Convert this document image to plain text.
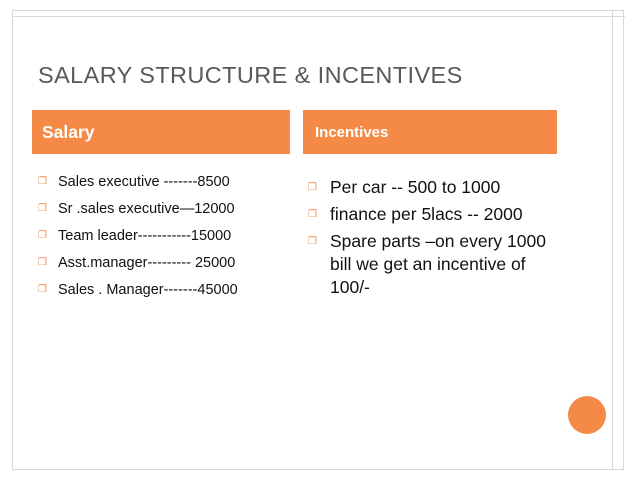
SALARY STRUCTURE & INCENTIVES
Salary	Incentives
❒ Sales executive -------8500
❒ Sr .sales executive—12000
❒ Team leader-----------15000
❒ Asst.manager--------- 25000
❒ Sales . Manager-------45000
❒ Per car -- 500 to 1000
❒ finance per 5lacs -- 2000
❒ Spare parts –on every 1000 bill we get an incentive of 100/-
